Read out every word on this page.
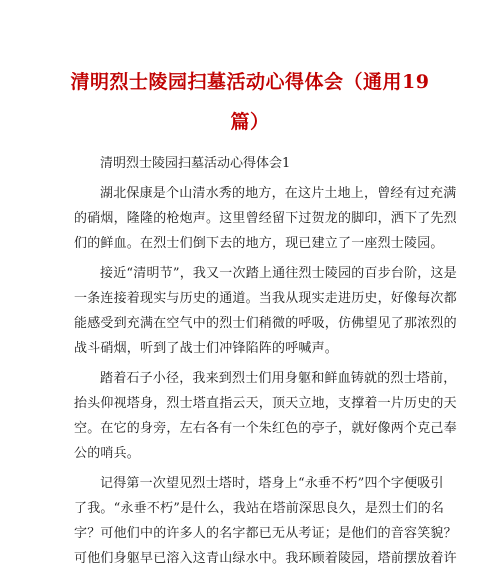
清明烈士陵园扫墓活动心得体会（通用19
篇）
清明烈士陵园扫墓活动心得体会1
湖北保康是个山清水秀的地方，在这片土地上，曾经有过充满
的硝烟，隆隆的枪炮声。这里曾经留下过贺龙的脚印，洒下了先烈
们的鲜血。在烈士们倒下去的地方，现已建立了一座烈士陵园。
接近“清明节”，我又一次踏上通往烈士陵园的百步台阶，这是
一条连接着现实与历史的通道。当我从现实走进历史，好像每次都
能感受到充满在空气中的烈士们稍微的呼吸，仿佛望见了那浓烈的
战斗硝烟，听到了战士们冲锋陷阵的呼喊声。
踏着石子小径，我来到烈士们用身躯和鲜血铸就的烈士塔前，
抬头仰视塔身，烈士塔直指云天，顶天立地，支撑着一片历史的天
空。在它的身旁，左右各有一个朱红色的亭子，就好像两个克己奉
公的哨兵。
记得第一次望见烈士塔时，塔身上“永垂不朽”四个字便吸引
了我。“永垂不朽”是什么，我站在塔前深思良久，是烈士们的名
字？可他们中的许多人的名字都已无从考证；是他们的音容笑貌？
可他们身躯早已溶入这青山绿水中。我环顾着陵园，塔前摆放着许
